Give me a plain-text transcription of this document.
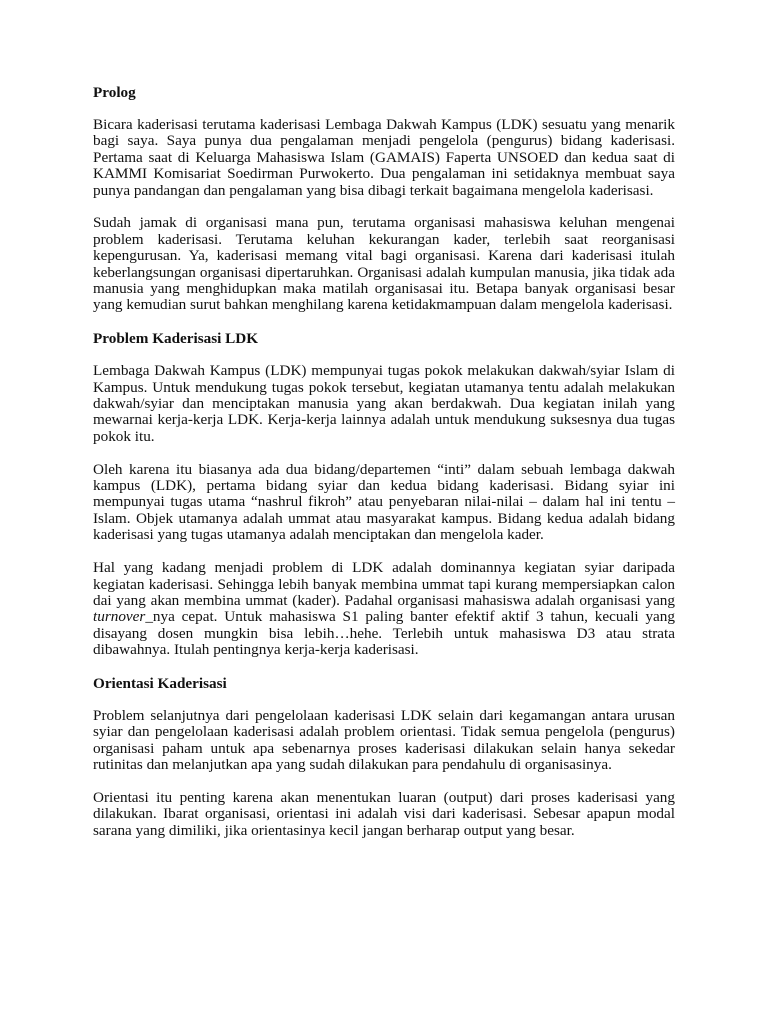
Prolog

Bicara kaderisasi terutama kaderisasi Lembaga Dakwah Kampus (LDK) sesuatu yang menarik bagi saya. Saya punya dua pengalaman menjadi pengelola (pengurus) bidang kaderisasi. Pertama saat di Keluarga Mahasiswa Islam (GAMAIS) Faperta UNSOED dan kedua saat di KAMMI Komisariat Soedirman Purwokerto. Dua pengalaman ini setidaknya membuat saya punya pandangan dan pengalaman yang bisa dibagi terkait bagaimana mengelola kaderisasi.

Sudah jamak di organisasi mana pun, terutama organisasi mahasiswa keluhan mengenai problem kaderisasi. Terutama keluhan kekurangan kader, terlebih saat reorganisasi kepengurusan. Ya, kaderisasi memang vital bagi organisasi. Karena dari kaderisasi itulah keberlangsungan organisasi dipertaruhkan. Organisasi adalah kumpulan manusia, jika tidak ada manusia yang menghidupkan maka matilah organisasai itu. Betapa banyak organisasi besar yang kemudian surut bahkan menghilang karena ketidakmampuan dalam mengelola kaderisasi.

Problem Kaderisasi LDK

Lembaga Dakwah Kampus (LDK) mempunyai tugas pokok melakukan dakwah/syiar Islam di Kampus. Untuk mendukung tugas pokok tersebut, kegiatan utamanya tentu adalah melakukan dakwah/syiar dan menciptakan manusia yang akan berdakwah. Dua kegiatan inilah yang mewarnai kerja-kerja LDK. Kerja-kerja lainnya adalah untuk mendukung suksesnya dua tugas pokok itu.

Oleh karena itu biasanya ada dua bidang/departemen “inti” dalam sebuah lembaga dakwah kampus (LDK), pertama bidang syiar dan kedua bidang kaderisasi. Bidang syiar ini mempunyai tugas utama “nashrul fikroh” atau penyebaran nilai-nilai – dalam hal ini tentu – Islam. Objek utamanya adalah ummat atau masyarakat kampus. Bidang kedua adalah bidang kaderisasi yang tugas utamanya adalah menciptakan dan mengelola kader.

Hal yang kadang menjadi problem di LDK adalah dominannya kegiatan syiar daripada kegiatan kaderisasi. Sehingga lebih banyak membina ummat tapi kurang mempersiapkan calon dai yang akan membina ummat (kader). Padahal organisasi mahasiswa adalah organisasi yang turnover_nya cepat. Untuk mahasiswa S1 paling banter efektif aktif 3 tahun, kecuali yang disayang dosen mungkin bisa lebih…hehe. Terlebih untuk mahasiswa D3 atau strata dibawahnya. Itulah pentingnya kerja-kerja kaderisasi.

Orientasi Kaderisasi

Problem selanjutnya dari pengelolaan kaderisasi LDK selain dari kegamangan antara urusan syiar dan pengelolaan kaderisasi adalah problem orientasi. Tidak semua pengelola (pengurus) organisasi paham untuk apa sebenarnya proses kaderisasi dilakukan selain hanya sekedar rutinitas dan melanjutkan apa yang sudah dilakukan para pendahulu di organisasinya.

Orientasi itu penting karena akan menentukan luaran (output) dari proses kaderisasi yang dilakukan. Ibarat organisasi, orientasi ini adalah visi dari kaderisasi. Sebesar apapun modal sarana yang dimiliki, jika orientasinya kecil jangan berharap output yang besar.
